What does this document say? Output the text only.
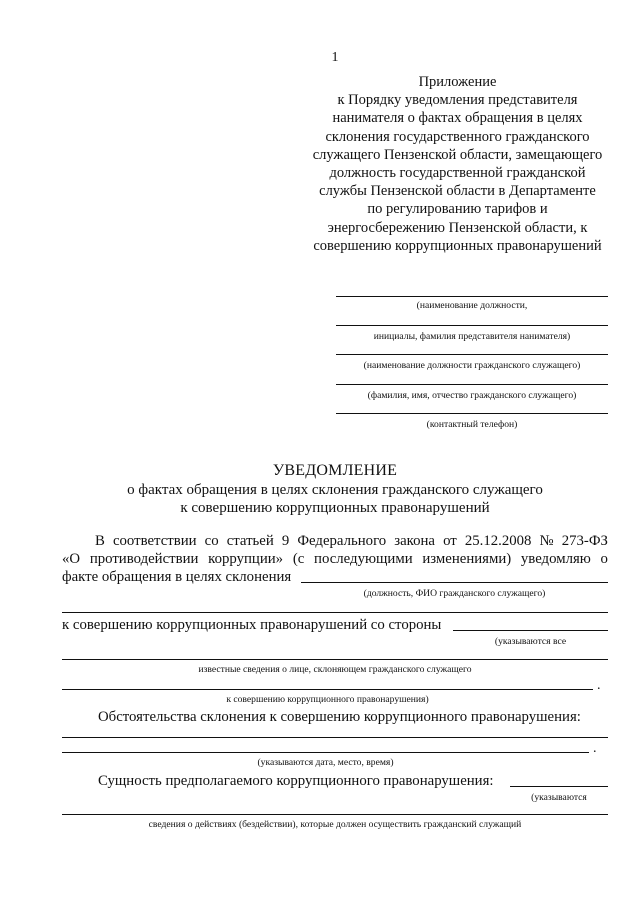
1
Приложение
к Порядку уведомления представителя
нанимателя о фактах обращения в целях
склонения государственного гражданского
служащего Пензенской области, замещающего
должность государственной гражданской
службы Пензенской области в Департаменте
по регулированию тарифов и
энергосбережению Пензенской области, к
совершению коррупционных правонарушений
(наименование должности,
инициалы, фамилия представителя нанимателя)
(наименование должности гражданского служащего)
(фамилия, имя, отчество гражданского служащего)
(контактный телефон)
УВЕДОМЛЕНИЕ
о фактах обращения в целях склонения гражданского служащего
к совершению коррупционных правонарушений
В соответствии со статьей 9 Федерального закона от 25.12.2008 № 273-ФЗ
«О противодействии коррупции» (с последующими изменениями) уведомляю о
факте обращения в целях склонения
(должность, ФИО гражданского служащего)
к совершению коррупционных правонарушений со стороны
(указываются все
известные сведения о лице, склоняющем гражданского служащего
.
к совершению коррупционного правонарушения)
Обстоятельства склонения к совершению коррупционного правонарушения:
.
(указываются дата, место, время)
Сущность предполагаемого коррупционного правонарушения:
(указываются
сведения о действиях (бездействии), которые должен осуществить гражданский служащий
